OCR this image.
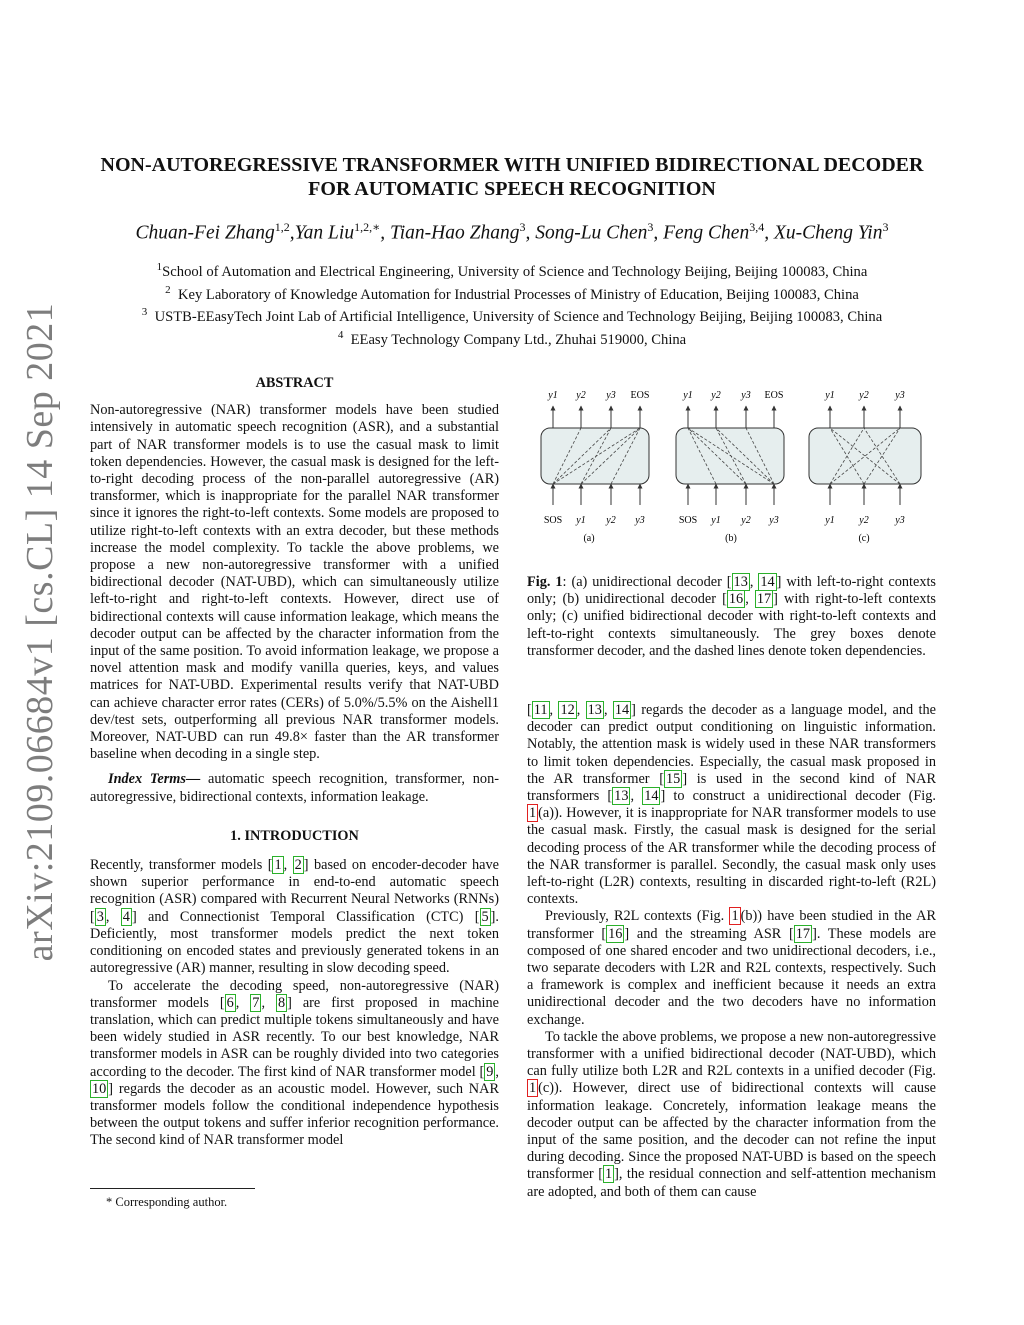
arXiv:2109.06684v1 [cs.CL] 14 Sep 2021
NON-AUTOREGRESSIVE TRANSFORMER WITH UNIFIED BIDIRECTIONAL DECODER
FOR AUTOMATIC SPEECH RECOGNITION
Chuan-Fei Zhang$^{1,2}$,Yan Liu$^{1,2,∗}$, Tian-Hao Zhang$^3$, Song-Lu Chen$^3$, Feng Chen$^{3,4}$, Xu-Cheng Yin$^3$
$^1$School of Automation and Electrical Engineering, University of Science and Technology Beijing, Beijing 100083, China
$^2$ Key Laboratory of Knowledge Automation for Industrial Processes of Ministry of Education, Beijing 100083, China
$^3$ USTB-EEasyTech Joint Lab of Artificial Intelligence, University of Science and Technology Beijing, Beijing 100083, China
$^4$ EEasy Technology Company Ltd., Zhuhai 519000, China
ABSTRACT

Non-autoregressive (NAR) transformer models have been studied intensively in automatic speech recognition (ASR), and a substantial part of NAR transformer models is to use the casual mask to limit token dependencies. However, the casual mask is designed for the left-to-right decoding process of the non-parallel autoregressive (AR) transformer, which is inappropriate for the parallel NAR transformer since it ignores the right-to-left contexts. Some models are proposed to utilize right-to-left contexts with an extra decoder, but these methods increase the model complexity. To tackle the above problems, we propose a new non-autoregressive transformer with a unified bidirectional decoder (NAT-UBD), which can simultaneously utilize left-to-right and right-to-left contexts. However, direct use of bidirectional contexts will cause information leakage, which means the decoder output can be affected by the character information from the input of the same position. To avoid information leakage, we propose a novel attention mask and modify vanilla queries, keys, and values matrices for NAT-UBD. Experimental results verify that NAT-UBD can achieve character error rates (CERs) of 5.0%/5.5% on the Aishell1 dev/test sets, outperforming all previous NAR transformer models. Moreover, NAT-UBD can run 49.8× faster than the AR transformer baseline when decoding in a single step.

Index Terms— automatic speech recognition, transformer, non-autoregressive, bidirectional contexts, information leakage.

1. INTRODUCTION

Recently, transformer models [ 1 , 2 ] based on encoder-decoder have shown superior performance in end-to-end automatic speech recognition (ASR) compared with Recurrent Neural Networks (RNNs) [ 3 , 4 ] and Connectionist Temporal Classification (CTC) [ 5 ]. Deficiently, most transformer models predict the next token conditioning on encoded states and previously generated tokens in an autoregressive (AR) manner, resulting in slow decoding speed.

To accelerate the decoding speed, non-autoregressive (NAR) transformer models [ 6 , 7 , 8 ] are first proposed in machine translation, which can predict multiple tokens simultaneously and have been widely studied in ASR recently. To our best knowledge, NAR transformer models in ASR can be roughly divided into two categories according to the decoder. The first kind of NAR transformer model [ 9 , 10 ] regards the decoder as an acoustic model. However, such NAR transformer models follow the conditional independence hypothesis between the output tokens and suffer inferior recognition performance. The second kind of NAR transformer model

* Corresponding author.
y1 y2 y3 EOS
SOS y1 y2 y3
(a)
y1 y2 y3 EOS
SOS y1 y2 y3
(b)
y1 y2	y3
y1 y2	y3
(c)

Fig. 1: (a) unidirectional decoder [ 13 , 14 ] with left-to-right contexts only; (b) unidirectional decoder [ 16 , 17 ] with right-to-left contexts only; (c) unified bidirectional decoder with right-to-left contexts and left-to-right contexts simultaneously. The grey boxes denote transformer decoder, and the dashed lines denote token dependencies.

[ 11 , 12 , 13 , 14 ] regards the decoder as a language model, and the decoder can predict output conditioning on linguistic information. Notably, the attention mask is widely used in these NAR transformers to limit token dependencies. Especially, the casual mask proposed in the AR transformer [ 15 ] is used in the second kind of NAR transformers [ 13 , 14 ] to construct a unidirectional decoder (Fig. 1 (a)). However, it is inappropriate for NAR transformer models to use the casual mask. Firstly, the casual mask is designed for the serial decoding process of the AR transformer while the decoding process of the NAR transformer is parallel. Secondly, the casual mask only uses left-to-right (L2R) contexts, resulting in discarded right-to-left (R2L) contexts.

Previously, R2L contexts (Fig. 1 (b)) have been studied in the AR transformer [ 16 ] and the streaming ASR [ 17 ]. These models are composed of one shared encoder and two unidirectional decoders, i.e., two separate decoders with L2R and R2L contexts, respectively. Such a framework is complex and inefficient because it needs an extra unidirectional decoder and the two decoders have no information exchange.

To tackle the above problems, we propose a new non-autoregressive transformer with a unified bidirectional decoder (NAT-UBD), which can fully utilize both L2R and R2L contexts in a unified decoder (Fig. 1 (c)). However, direct use of bidirectional contexts will cause information leakage. Concretely, information leakage means the decoder output can be affected by the character information from the input of the same position, and the decoder can not refine the input during decoding. Since the proposed NAT-UBD is based on the speech transformer [ 1 ], the residual connection and self-attention mechanism are adopted, and both of them can cause
